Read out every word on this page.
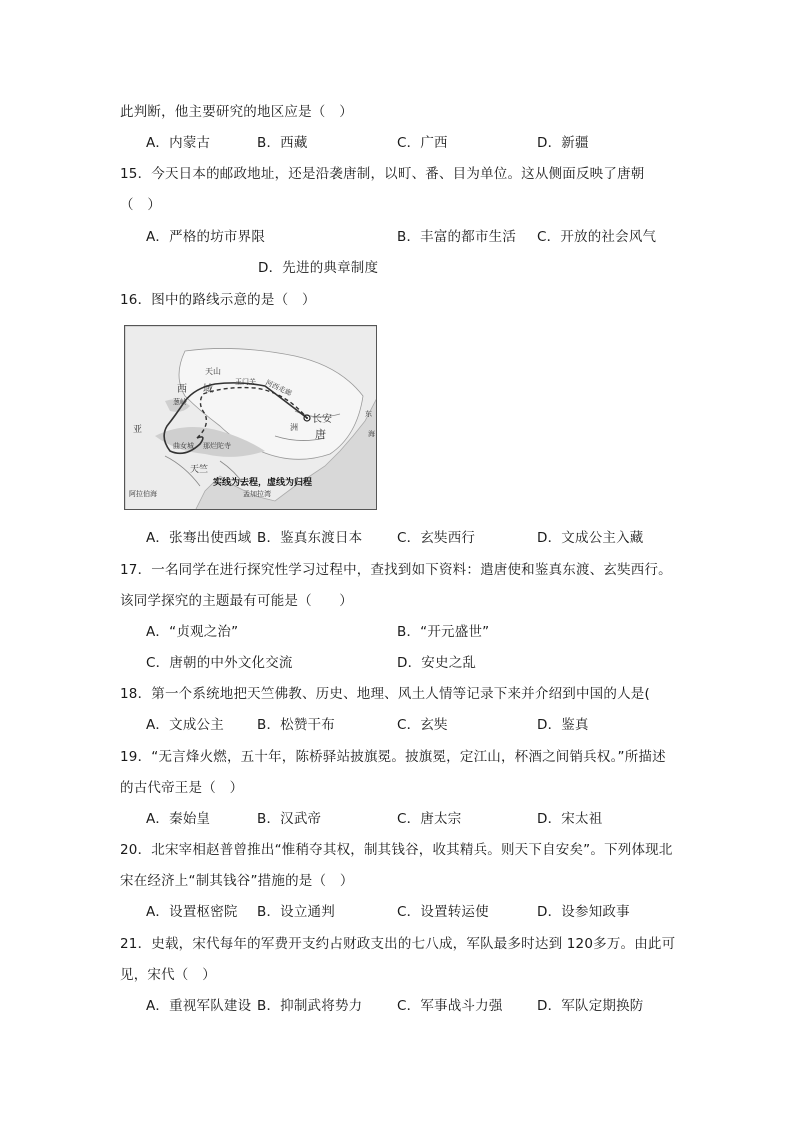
此判断，他主要研究的地区应是（　）
A．内蒙古	B．西藏	C．广西	D．新疆
15．今天日本的邮政地址，还是沿袭唐制，以町、番、目为单位。这从侧面反映了唐朝
（　）
A．严格的坊市界限	B．丰富的都市生活 C．开放的社会风气
D．先进的典章制度
16．图中的路线示意的是（　）
天山
西域
葱岭
玉门关 河西走廊
长安
唐
洲
亚
东
海
曲女城 那烂陀寺
天竺
孟加拉湾
阿拉伯海
实线为去程，虚线为归程
A．张骞出使西域 B．鉴真东渡日本	C．玄奘西行	D．文成公主入藏
17．一名同学在进行探究性学习过程中，查找到如下资料：遣唐使和鉴真东渡、玄奘西行。
该同学探究的主题最有可能是（　　）
A．“贞观之治”	B．“开元盛世”
C．唐朝的中外文化交流	D．安史之乱
18．第一个系统地把天竺佛教、历史、地理、风土人情等记录下来并介绍到中国的人是(
A．文成公主 B．松赞干布	C．玄奘	D．鉴真
19．“无言烽火燃，五十年，陈桥驿站披旗冕。披旗冕，定江山，杯酒之间销兵权。”所描述
的古代帝王是（　）
A．秦始皇	B．汉武帝	C．唐太宗	D．宋太祖
20．北宋宰相赵普曾推出“惟稍夺其权，制其钱谷，收其精兵。则天下自安矣”。下列体现北
宋在经济上“制其钱谷”措施的是（　）
A．设置枢密院 B．设立通判	C．设置转运使	D．设参知政事
21．史载，宋代每年的军费开支约占财政支出的七八成，军队最多时达到 120多万。由此可
见，宋代（　）
A．重视军队建设 B．抑制武将势力	C．军事战斗力强	D．军队定期换防
